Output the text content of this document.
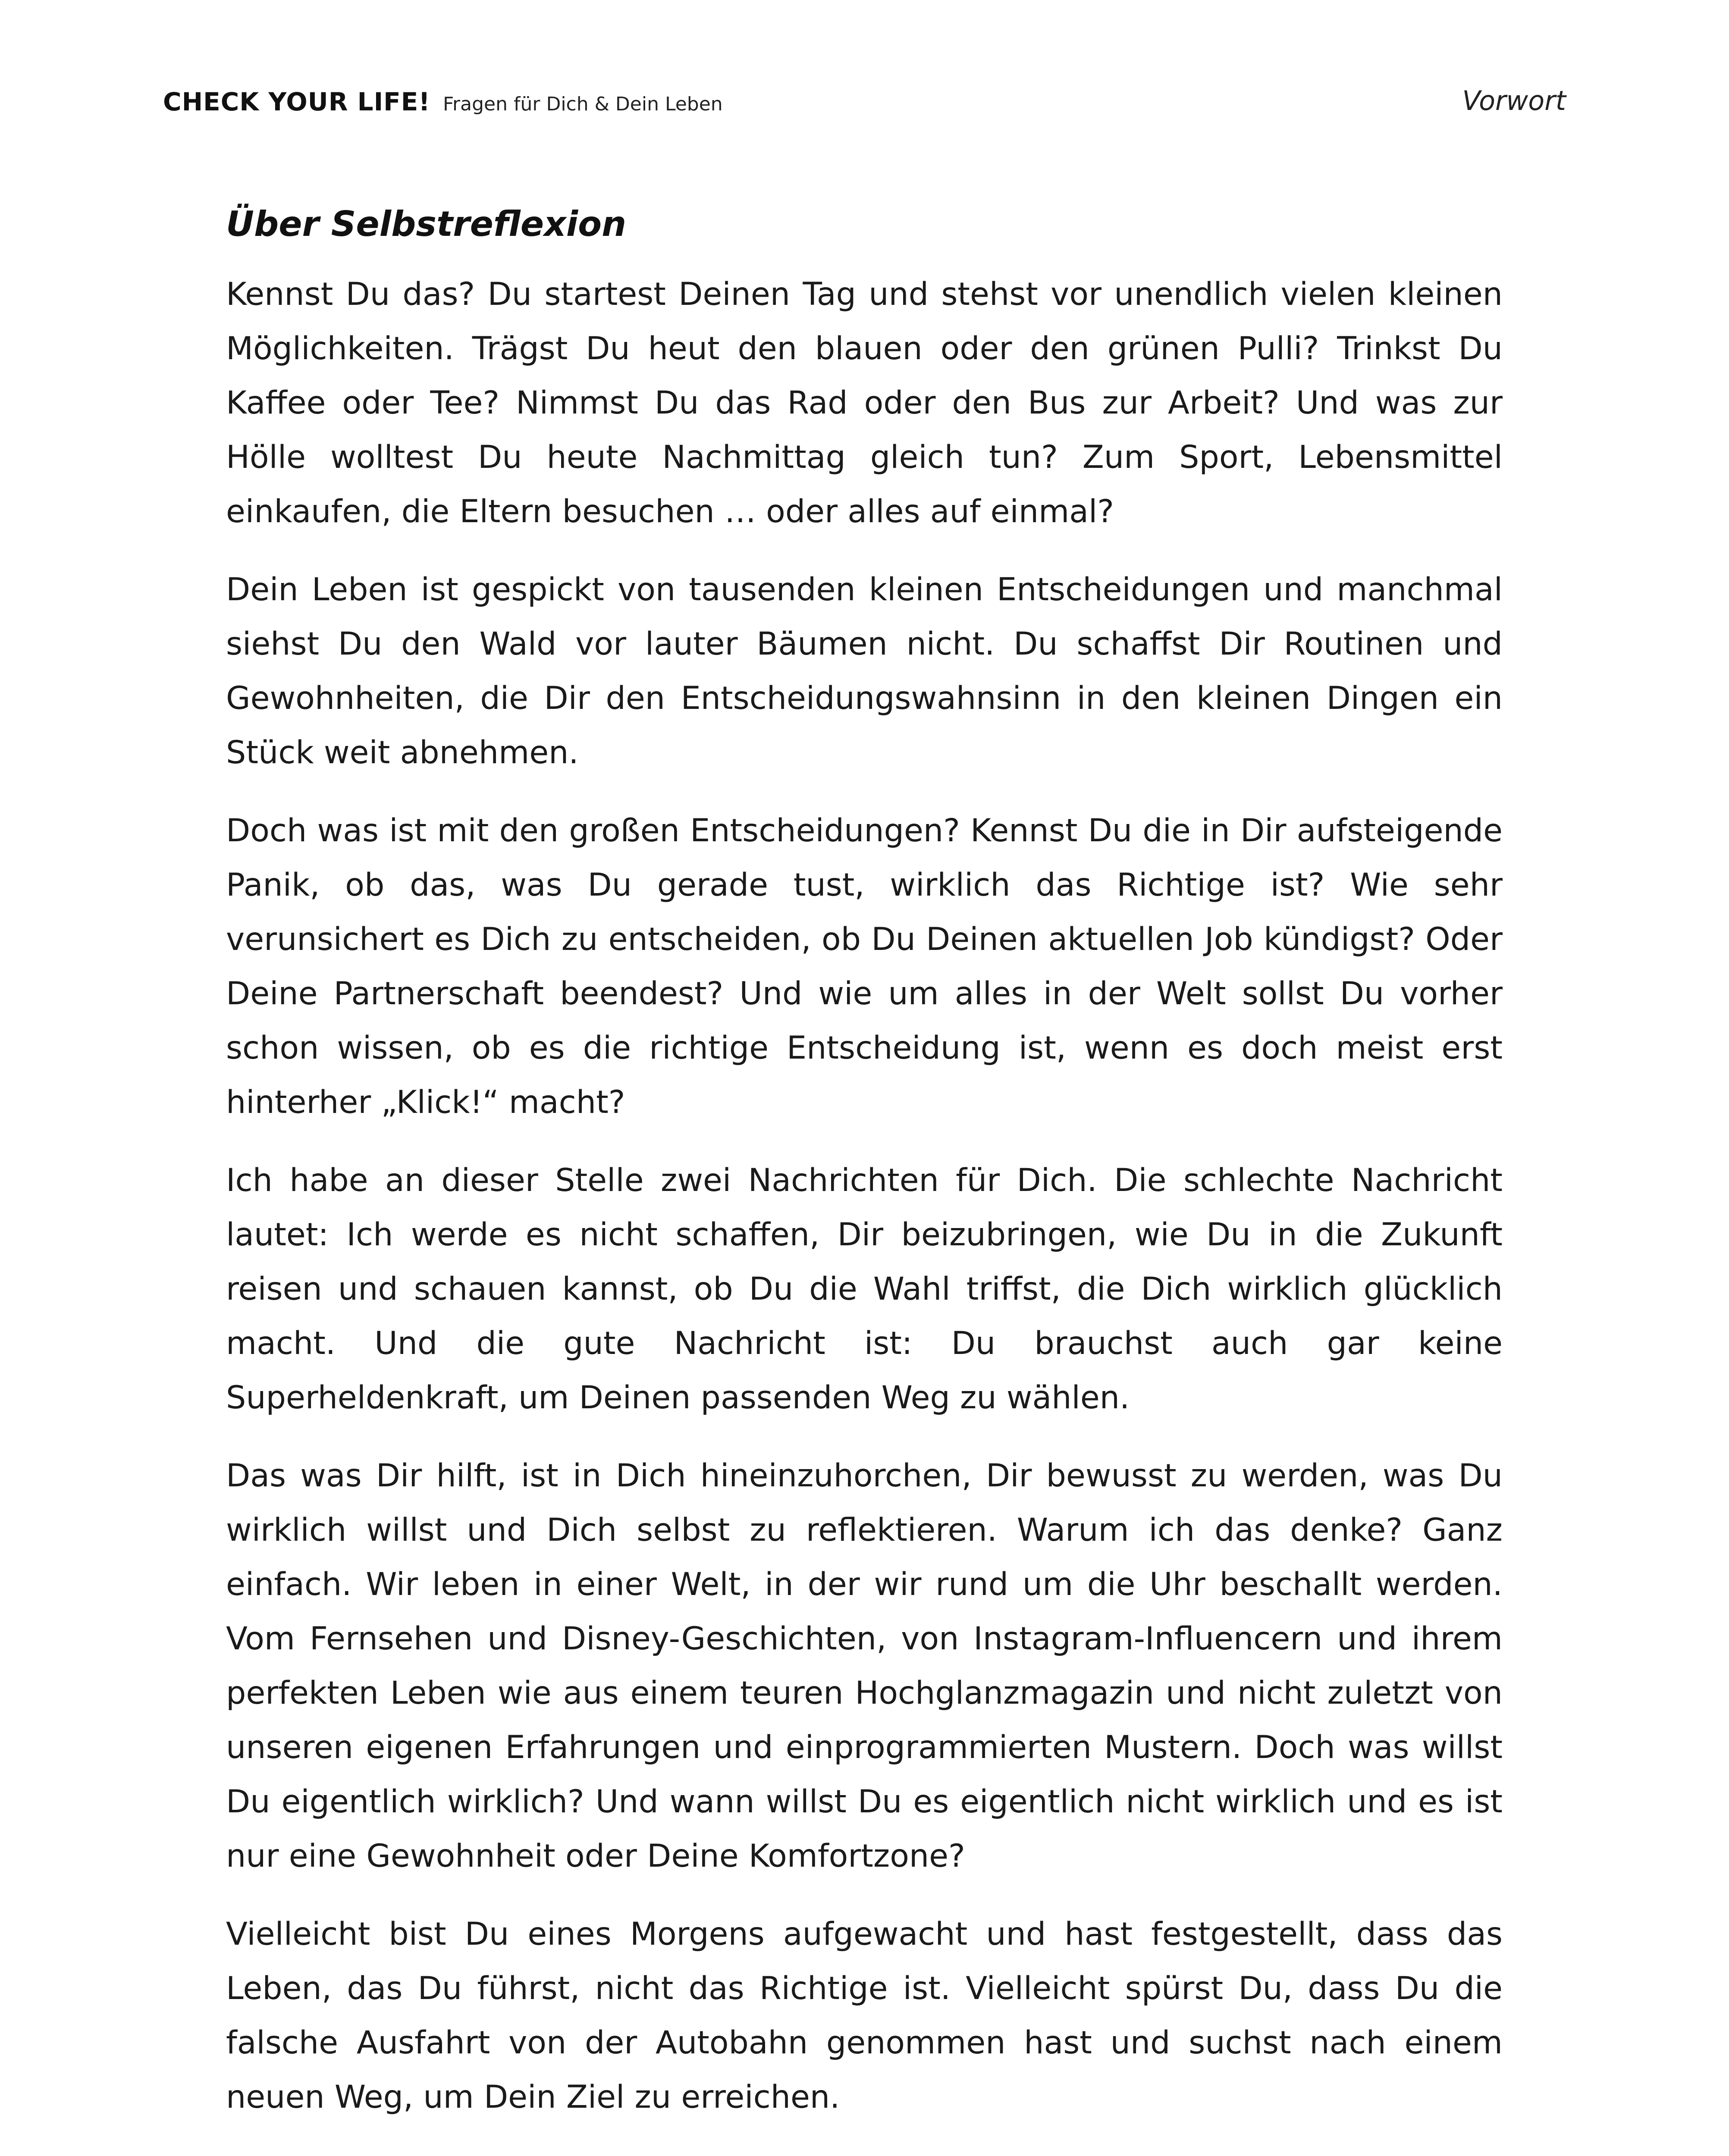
CHECK YOUR LIFE! Fragen für Dich & Dein Leben	Vorwort
Über Selbstreflexion

Kennst Du das? Du startest Deinen Tag und stehst vor unendlich vielen kleinen Möglichkeiten. Trägst Du heut den blauen oder den grünen Pulli? Trinkst Du Kaffee oder Tee? Nimmst Du das Rad oder den Bus zur Arbeit? Und was zur Hölle wolltest Du heute Nachmittag gleich tun? Zum Sport, Lebensmittel einkaufen, die Eltern besuchen … oder alles auf einmal?

Dein Leben ist gespickt von tausenden kleinen Entscheidungen und manchmal siehst Du den Wald vor lauter Bäumen nicht. Du schaffst Dir Routinen und Gewohnheiten, die Dir den Entscheidungswahnsinn in den kleinen Dingen ein Stück weit abnehmen.

Doch was ist mit den großen Entscheidungen? Kennst Du die in Dir aufsteigende Panik, ob das, was Du gerade tust, wirklich das Richtige ist? Wie sehr verunsichert es Dich zu entscheiden, ob Du Deinen aktuellen Job kündigst? Oder Deine Partnerschaft beendest? Und wie um alles in der Welt sollst Du vorher schon wissen, ob es die richtige Entscheidung ist, wenn es doch meist erst hinterher „Klick!“ macht?

Ich habe an dieser Stelle zwei Nachrichten für Dich. Die schlechte Nachricht lautet: Ich werde es nicht schaffen, Dir beizubringen, wie Du in die Zukunft reisen und schauen kannst, ob Du die Wahl triffst, die Dich wirklich glücklich macht. Und die gute Nachricht ist: Du brauchst auch gar keine Superheldenkraft, um Deinen passenden Weg zu wählen.

Das was Dir hilft, ist in Dich hineinzuhorchen, Dir bewusst zu werden, was Du wirklich willst und Dich selbst zu reflektieren. Warum ich das denke? Ganz einfach. Wir leben in einer Welt, in der wir rund um die Uhr beschallt werden. Vom Fernsehen und Disney-Geschichten, von Instagram-Influencern und ihrem perfekten Leben wie aus einem teuren Hochglanzmagazin und nicht zuletzt von unseren eigenen Erfahrungen und einprogrammierten Mustern. Doch was willst Du eigentlich wirklich? Und wann willst Du es eigentlich nicht wirklich und es ist nur eine Gewohnheit oder Deine Komfortzone?

Vielleicht bist Du eines Morgens aufgewacht und hast festgestellt, dass das Leben, das Du führst, nicht das Richtige ist. Vielleicht spürst Du, dass Du die falsche Ausfahrt von der Autobahn genommen hast und suchst nach einem neuen Weg, um Dein Ziel zu erreichen.
